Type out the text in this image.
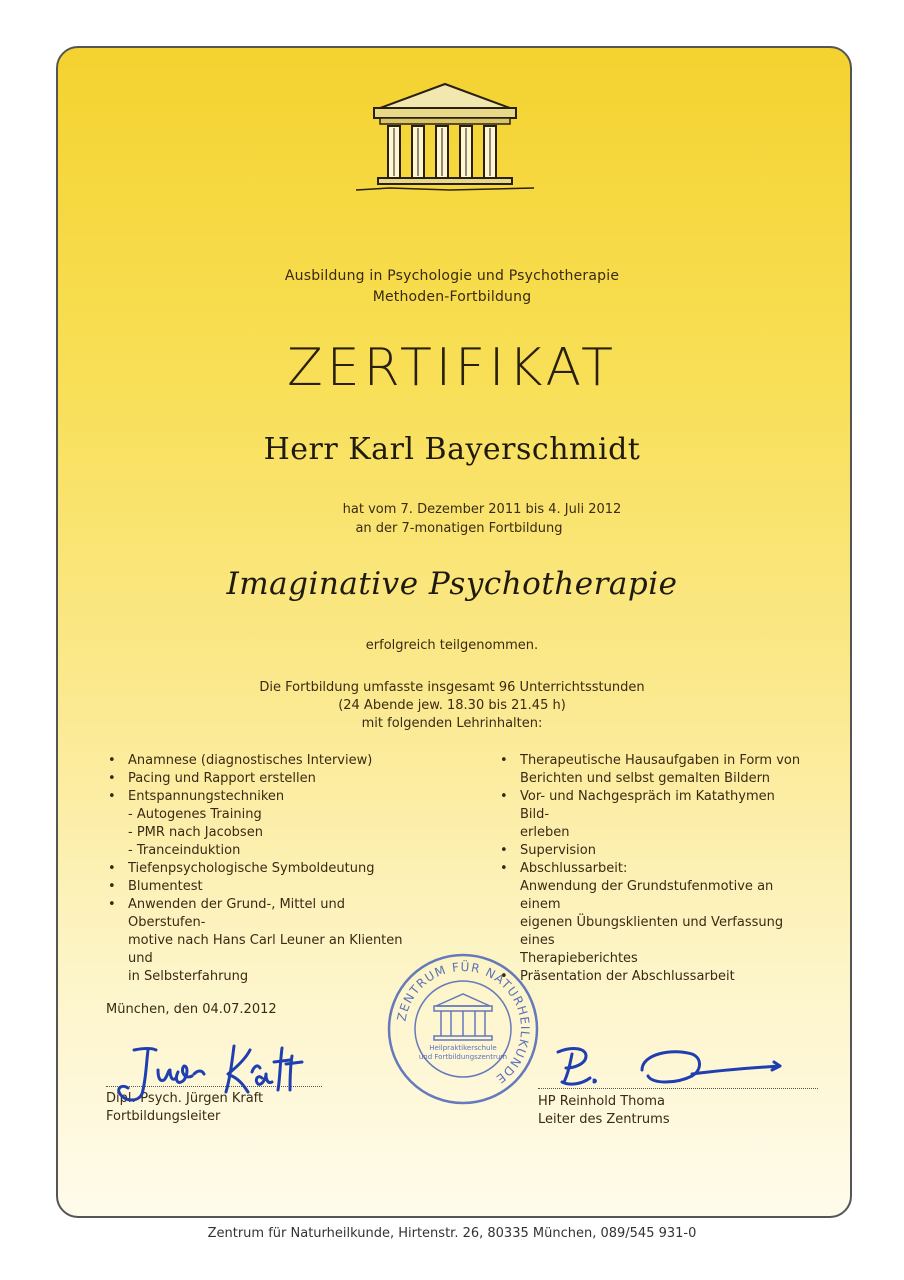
Ausbildung in Psychologie und Psychotherapie
Methoden-Fortbildung
ZERTIFIKAT
Herr Karl Bayerschmidt
hat vom 7. Dezember 2011 bis 4. Juli 2012
an der 7-monatigen Fortbildung
Imaginative Psychotherapie
erfolgreich teilgenommen.
Die Fortbildung umfasste insgesamt 96 Unterrichtsstunden
(24 Abende jew. 18.30 bis 21.45 h)
mit folgenden Lehrinhalten:
• Anamnese (diagnostisches Interview)
• Pacing und Rapport erstellen
• Entspannungstechniken
- Autogenes Training
- PMR nach Jacobsen
- Tranceinduktion
• Tiefenpsychologische Symboldeutung
• Blumentest
• Anwenden der Grund-, Mittel und Oberstufen-
motive nach Hans Carl Leuner an Klienten und
in Selbsterfahrung
• Therapeutische Hausaufgaben in Form von
Berichten und selbst gemalten Bildern
• Vor- und Nachgespräch im Katathymen Bild-
erleben
• Supervision
• Abschlussarbeit:
Anwendung der Grundstufenmotive an einem
eigenen Übungsklienten und Verfassung eines
Therapieberichtes
• Präsentation der Abschlussarbeit
München, den 04.07.2012	ZENTRUM FÜR NATURHEILKUNDE
Heilpraktikerschule
und Fortbildungszentrum
Dipl.-Psych. Jürgen Kraft
Fortbildungsleiter
HP Reinhold Thoma
Leiter des Zentrums
Zentrum für Naturheilkunde, Hirtenstr. 26, 80335 München, 089/545 931-0
